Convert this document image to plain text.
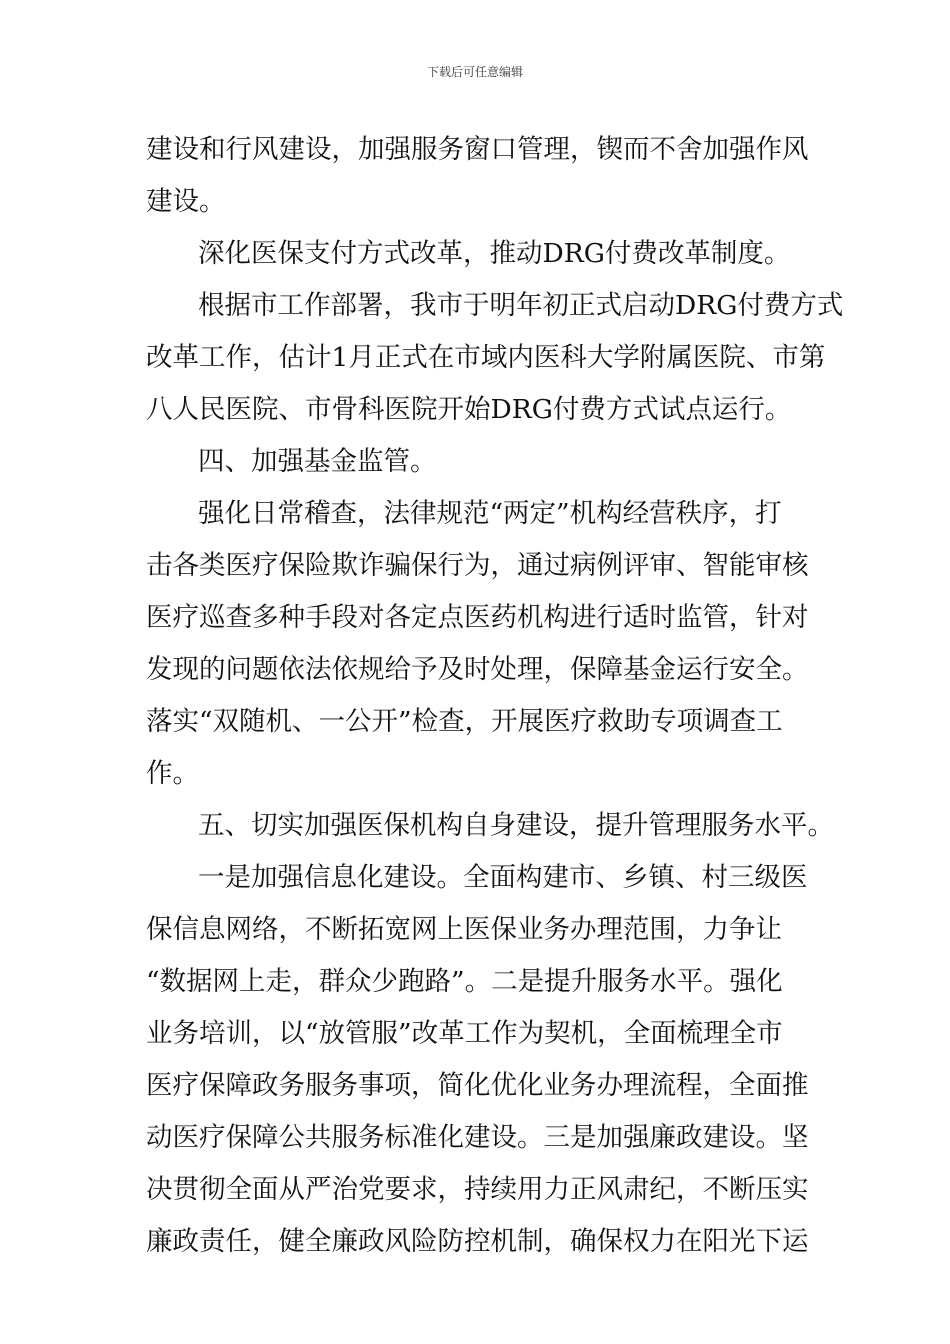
下载后可任意编辑
建设和行风建设，加强服务窗口管理，锲而不舍加强作风
建设。
深化医保支付方式改革，推动DRG付费改革制度。
根据市工作部署，我市于明年初正式启动DRG付费方式
改革工作，估计1月正式在市域内医科大学附属医院、市第
八人民医院、市骨科医院开始DRG付费方式试点运行。
四、加强基金监管。
强化日常稽查，法律规范“两定”机构经营秩序，打
击各类医疗保险欺诈骗保行为，通过病例评审、智能审核
医疗巡查多种手段对各定点医药机构进行适时监管，针对
发现的问题依法依规给予及时处理，保障基金运行安全。
落实“双随机、一公开”检查，开展医疗救助专项调查工
作。
五、切实加强医保机构自身建设，提升管理服务水平。
一是加强信息化建设。全面构建市、乡镇、村三级医
保信息网络，不断拓宽网上医保业务办理范围，力争让
“数据网上走，群众少跑路”。二是提升服务水平。强化
业务培训，以“放管服”改革工作为契机，全面梳理全市
医疗保障政务服务事项，简化优化业务办理流程，全面推
动医疗保障公共服务标准化建设。三是加强廉政建设。坚
决贯彻全面从严治党要求，持续用力正风肃纪，不断压实
廉政责任，健全廉政风险防控机制，确保权力在阳光下运
